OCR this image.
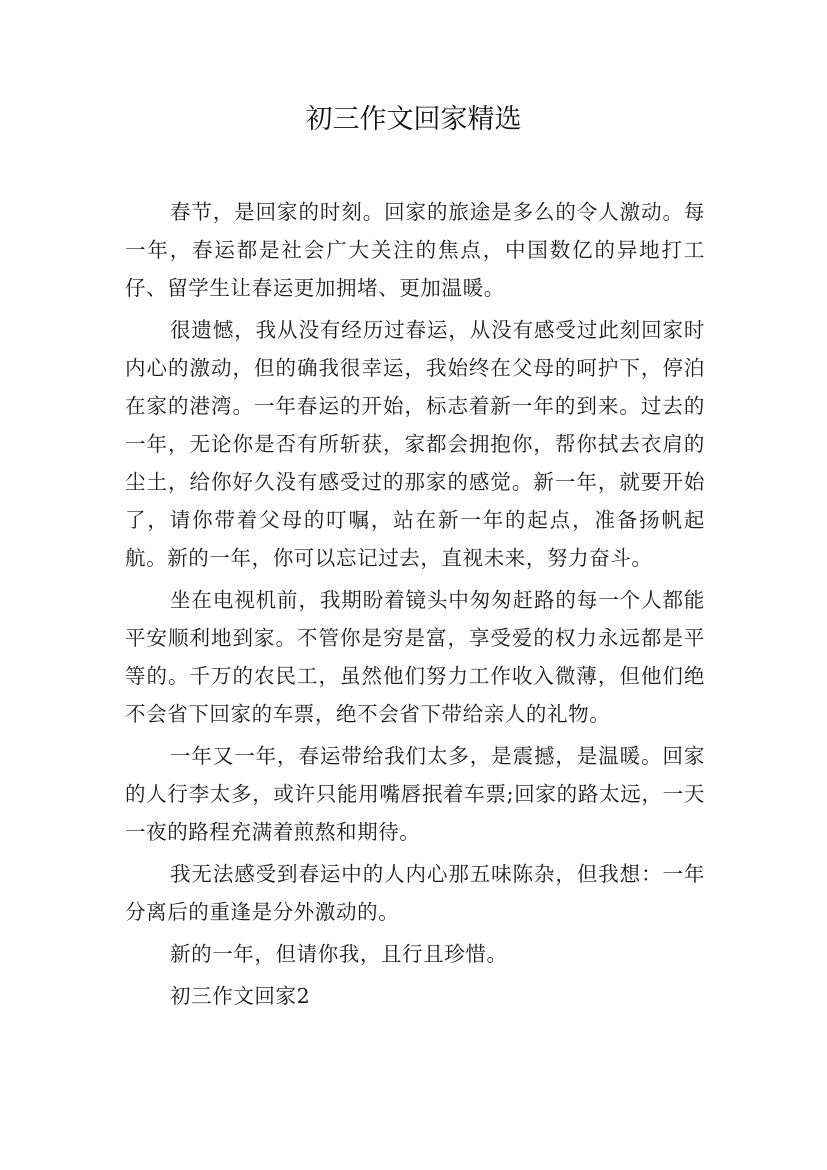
初三作文回家精选

春节，是回家的时刻。回家的旅途是多么的令人激动。每一年，春运都是社会广大关注的焦点，中国数亿的异地打工仔、留学生让春运更加拥堵、更加温暖。

很遗憾，我从没有经历过春运，从没有感受过此刻回家时内心的激动，但的确我很幸运，我始终在父母的呵护下，停泊在家的港湾。一年春运的开始，标志着新一年的到来。过去的一年，无论你是否有所斩获，家都会拥抱你，帮你拭去衣肩的尘土，给你好久没有感受过的那家的感觉。新一年，就要开始了，请你带着父母的叮嘱，站在新一年的起点，准备扬帆起航。新的一年，你可以忘记过去，直视未来，努力奋斗。

坐在电视机前，我期盼着镜头中匆匆赶路的每一个人都能平安顺利地到家。不管你是穷是富，享受爱的权力永远都是平等的。千万的农民工，虽然他们努力工作收入微薄，但他们绝不会省下回家的车票，绝不会省下带给亲人的礼物。

一年又一年，春运带给我们太多，是震撼，是温暖。回家的人行李太多，或许只能用嘴唇抿着车票;回家的路太远，一天一夜的路程充满着煎熬和期待。

我无法感受到春运中的人内心那五味陈杂，但我想：一年分离后的重逢是分外激动的。

新的一年，但请你我，且行且珍惜。

初三作文回家2
